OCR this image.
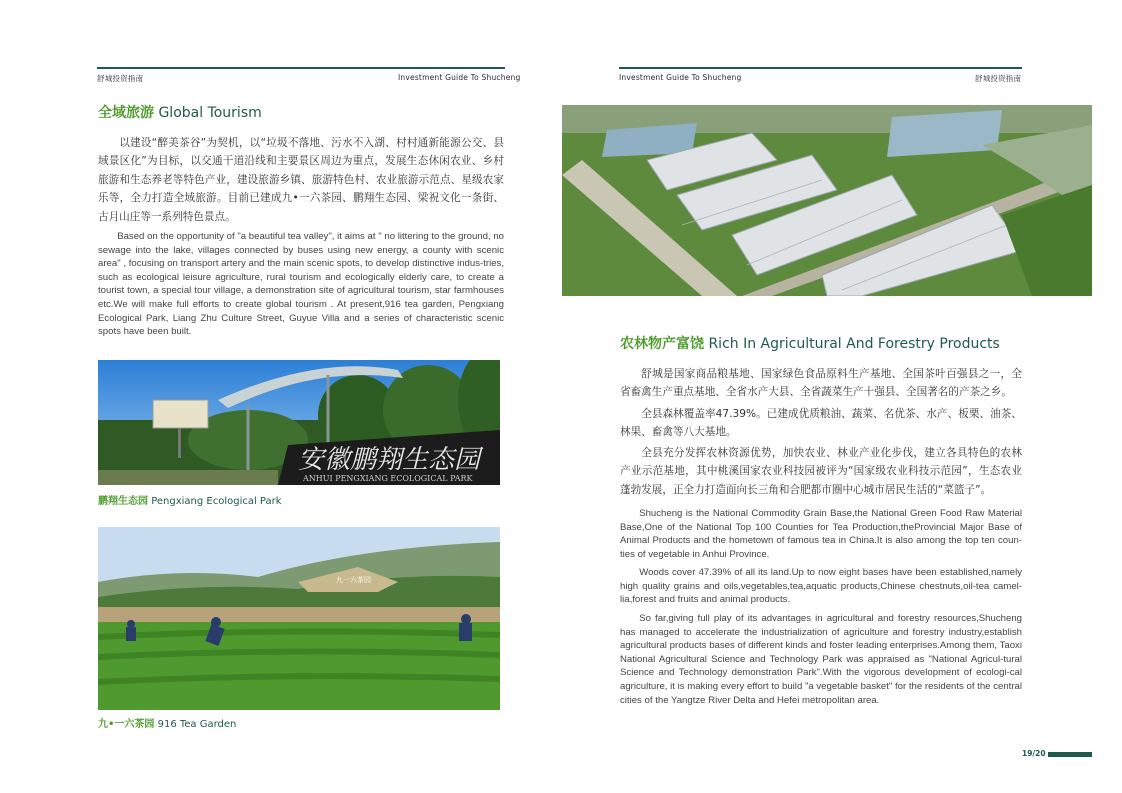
舒城投资指南	Investment Guide To Shucheng
全域旅游 Global Tourism

以建设“醉美茶谷”为契机，以“垃圾不落地、污水不入湖、村村通新能源公交、县域景区化”为目标，以交通干道沿线和主要景区周边为重点，发展生态休闲农业、乡村旅游和生态养老等特色产业，建设旅游乡镇、旅游特色村、农业旅游示范点、星级农家乐等，全力打造全域旅游。目前已建成九•一六茶园、鹏翔生态园、梁祝文化一条街、古月山庄等一系列特色景点。

Based on the opportunity of "a beautiful tea valley", it aims at " no littering to the ground, no sewage into the lake, villages connected by buses using new energy, a county with scenic area" , focusing on transport artery and the main scenic spots, to develop distinctive indus-tries, such as ecological leisure agriculture, rural tourism and ecologically elderly care, to create a tourist town, a special tour village, a demonstration site of agricultural tourism, star farmhouses etc.We will make full efforts to create global tourism . At present,916 tea garden, Pengxiang Ecological Park, Liang Zhu Culture Street, Guyue Villa and a series of characteristic scenic spots have been built.

安徽鹏翔生态园
ANHUI PENGXIANG ECOLOGICAL PARK
鹏翔生态园 Pengxiang Ecological Park
九一六茶园
九•一六茶园 916 Tea Garden
Investment Guide To Shucheng	舒城投资指南
农林物产富饶 Rich In Agricultural And Forestry Products

舒城是国家商品粮基地、国家绿色食品原料生产基地、全国茶叶百强县之一，全省畜禽生产重点基地、全省水产大县、全省蔬菜生产十强县、全国著名的产茶之乡。

全县森林覆盖率47.39%。已建成优质粮油、蔬菜、名优茶、水产、板栗、油茶、林果、畜禽等八大基地。

全县充分发挥农林资源优势，加快农业、林业产业化步伐，建立各具特色的农林产业示范基地，其中桃溪国家农业科技园被评为“国家级农业科技示范园”，生态农业蓬勃发展，正全力打造面向长三角和合肥都市圈中心城市居民生活的“菜篮子”。

Shucheng is the National Commodity Grain Base,the National Green Food Raw Material Base,One of the National Top 100 Counties for Tea Production,theProvincial Major Base of Animal Products and the hometown of famous tea in China.It is also among the top ten coun-ties of vegetable in Anhui Province.

Woods cover 47.39% of all its land.Up to now eight bases have been established,namely high quality grains and oils,vegetables,tea,aquatic products,Chinese chestnuts,oil-tea camel-lia,forest and fruits and animal products.

So far,giving full play of its advantages in agricultural and forestry resources,Shucheng has managed to accelerate the industrialization of agriculture and forestry industry,establish agricultural products bases of different kinds and foster leading enterprises.Among them, Taoxi National Agricultural Science and Technology Park was appraised as "National Agricul-tural Science and Technology demonstration Park".With the vigorous development of ecologi-cal agriculture, it is making every effort to build "a vegetable basket" for the residents of the central cities of the Yangtze River Delta and Hefei metropolitan area.

19/20
